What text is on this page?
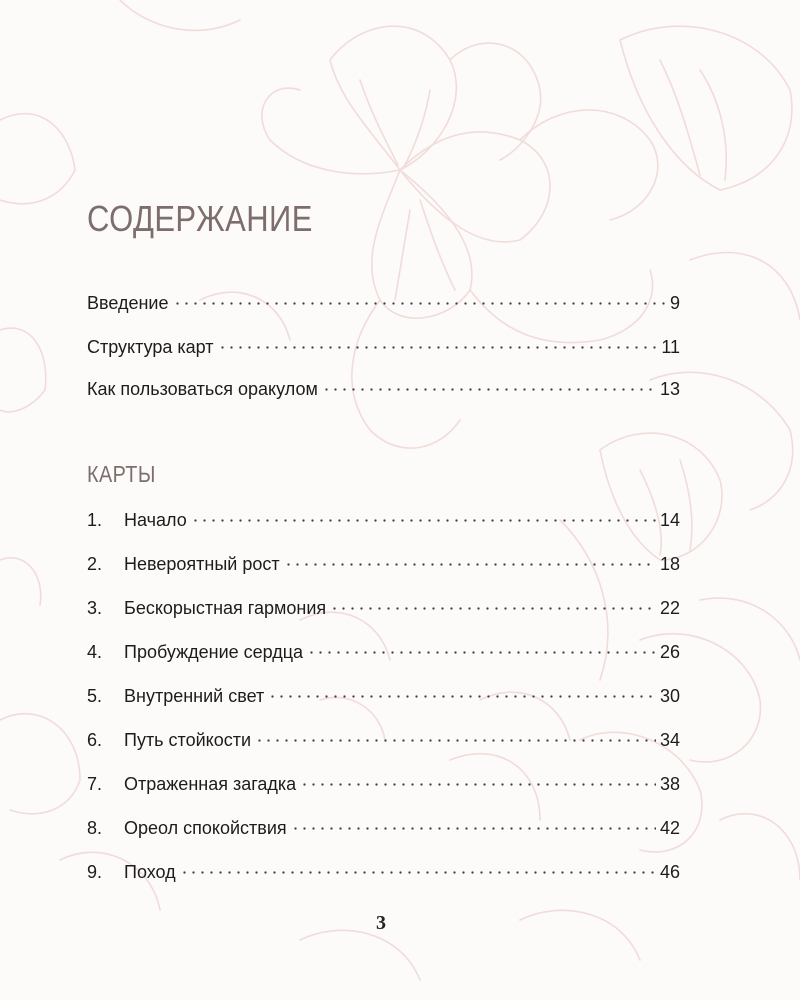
СОДЕРЖАНИЕ
Введение	9
Структура карт	11
Как пользоваться оракулом	13
КАРТЫ
1.	Начало	14
2.	Невероятный рост	18
3.	Бескорыстная гармония	22
4.	Пробуждение сердца	26
5.	Внутренний свет	30
6.	Путь стойкости	34
7.	Отраженная загадка	38
8.	Ореол спокойствия	42
9.	Поход	46
3
